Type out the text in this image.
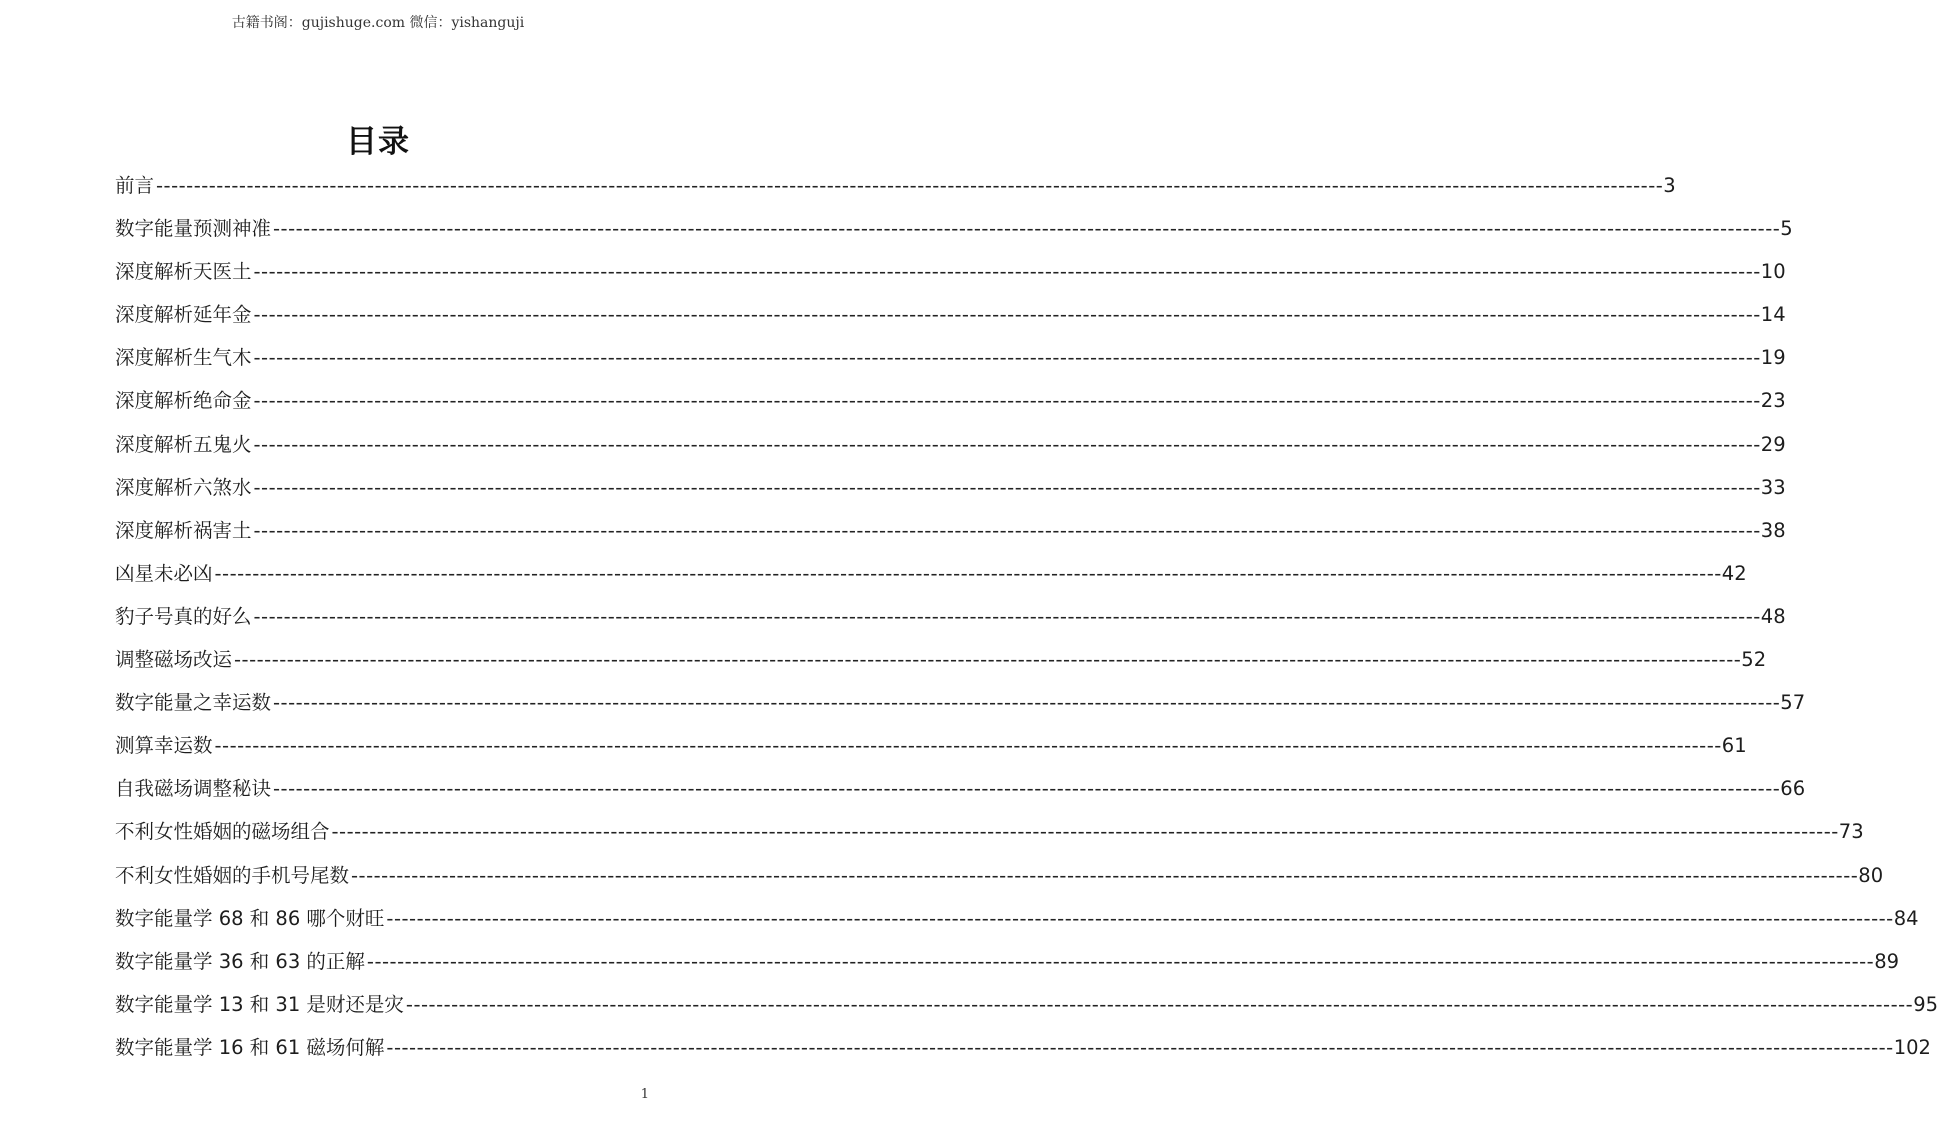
古籍书阁：gujishuge.com 微信：yishanguji
目录
前言 -------------------------------------------------------------------------------------------------------------------------------------------------------------------------------------------------------- 3
数字能量预测神准 -------------------------------------------------------------------------------------------------------------------------------------------------------------------------------------------------------- 5
深度解析天医土 -------------------------------------------------------------------------------------------------------------------------------------------------------------------------------------------------------- 10
深度解析延年金 -------------------------------------------------------------------------------------------------------------------------------------------------------------------------------------------------------- 14
深度解析生气木 -------------------------------------------------------------------------------------------------------------------------------------------------------------------------------------------------------- 19
深度解析绝命金 -------------------------------------------------------------------------------------------------------------------------------------------------------------------------------------------------------- 23
深度解析五鬼火 -------------------------------------------------------------------------------------------------------------------------------------------------------------------------------------------------------- 29
深度解析六煞水 -------------------------------------------------------------------------------------------------------------------------------------------------------------------------------------------------------- 33
深度解析祸害土 -------------------------------------------------------------------------------------------------------------------------------------------------------------------------------------------------------- 38
凶星未必凶 -------------------------------------------------------------------------------------------------------------------------------------------------------------------------------------------------------- 42
豹子号真的好么 -------------------------------------------------------------------------------------------------------------------------------------------------------------------------------------------------------- 48
调整磁场改运 -------------------------------------------------------------------------------------------------------------------------------------------------------------------------------------------------------- 52
数字能量之幸运数 -------------------------------------------------------------------------------------------------------------------------------------------------------------------------------------------------------- 57
测算幸运数 -------------------------------------------------------------------------------------------------------------------------------------------------------------------------------------------------------- 61
自我磁场调整秘诀 -------------------------------------------------------------------------------------------------------------------------------------------------------------------------------------------------------- 66
不利女性婚姻的磁场组合 -------------------------------------------------------------------------------------------------------------------------------------------------------------------------------------------------------- 73
不利女性婚姻的手机号尾数 -------------------------------------------------------------------------------------------------------------------------------------------------------------------------------------------------------- 80
数字能量学 68 和 86 哪个财旺 -------------------------------------------------------------------------------------------------------------------------------------------------------------------------------------------------------- 84
数字能量学 36 和 63 的正解 -------------------------------------------------------------------------------------------------------------------------------------------------------------------------------------------------------- 89
数字能量学 13 和 31 是财还是灾 -------------------------------------------------------------------------------------------------------------------------------------------------------------------------------------------------------- 95
数字能量学 16 和 61 磁场何解 -------------------------------------------------------------------------------------------------------------------------------------------------------------------------------------------------------- 102
1
